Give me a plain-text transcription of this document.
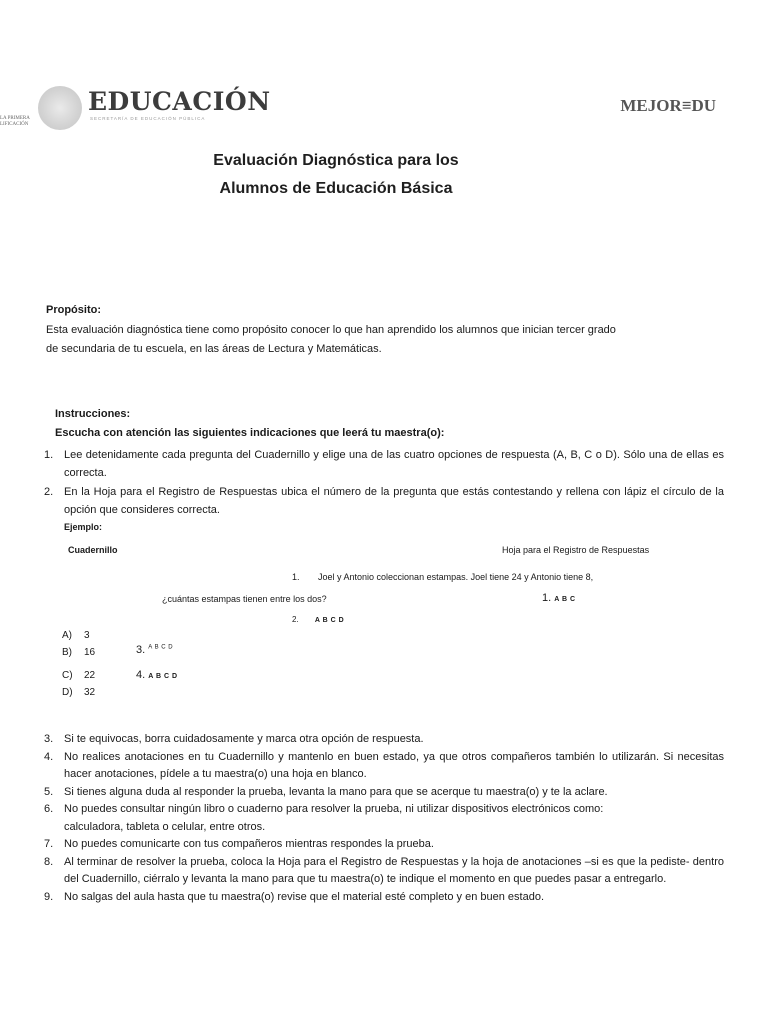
LA PRIMERA
LIFICACIÓN
EDUCACIÓN
SECRETARÍA DE EDUCACIÓN PÚBLICA
MEJOR≡DU
Evaluación Diagnóstica para los
Alumnos de Educación Básica
Propósito:
Esta evaluación diagnóstica tiene como propósito conocer lo que han aprendido los alumnos que inician tercer grado
de secundaria de tu escuela, en las áreas de Lectura y Matemáticas.
Instrucciones:
Escucha con atención las siguientes indicaciones que leerá tu maestra(o):
1. Lee detenidamente cada pregunta del Cuadernillo y elige una de las cuatro opciones de respuesta (A, B, C o D). Sólo una de ellas es correcta.
2. En la Hoja para el Registro de Respuestas ubica el número de la pregunta que estás contestando y rellena con lápiz el círculo de la opción que consideres correcta.
Ejemplo:
Cuadernillo	Hoja para el Registro de Respuestas
1. Joel y Antonio coleccionan estampas. Joel tiene 24 y Antonio tiene 8,
¿cuántas estampas tienen entre los dos?	1. A B C
2. A B C D
3. $^{A B C D}$
4. A B C D
A) 3
B) 16
C) 22
D) 32
3. Si te equivocas, borra cuidadosamente y marca otra opción de respuesta.
4. No realices anotaciones en tu Cuadernillo y mantenlo en buen estado, ya que otros compañeros también lo utilizarán. Si necesitas hacer anotaciones, pídele a tu maestra(o) una hoja en blanco.
5. Si tienes alguna duda al responder la prueba, levanta la mano para que se acerque tu maestra(o) y te la aclare.
6. No puedes consultar ningún libro o cuaderno para resolver la prueba, ni utilizar dispositivos electrónicos como:
calculadora, tableta o celular, entre otros.
7. No puedes comunicarte con tus compañeros mientras respondes la prueba.
8. Al terminar de resolver la prueba, coloca la Hoja para el Registro de Respuestas y la hoja de anotaciones –si es que la pediste- dentro del Cuadernillo, ciérralo y levanta la mano para que tu maestra(o) te indique el momento en que puedes pasar a entregarlo.
9. No salgas del aula hasta que tu maestra(o) revise que el material esté completo y en buen estado.
